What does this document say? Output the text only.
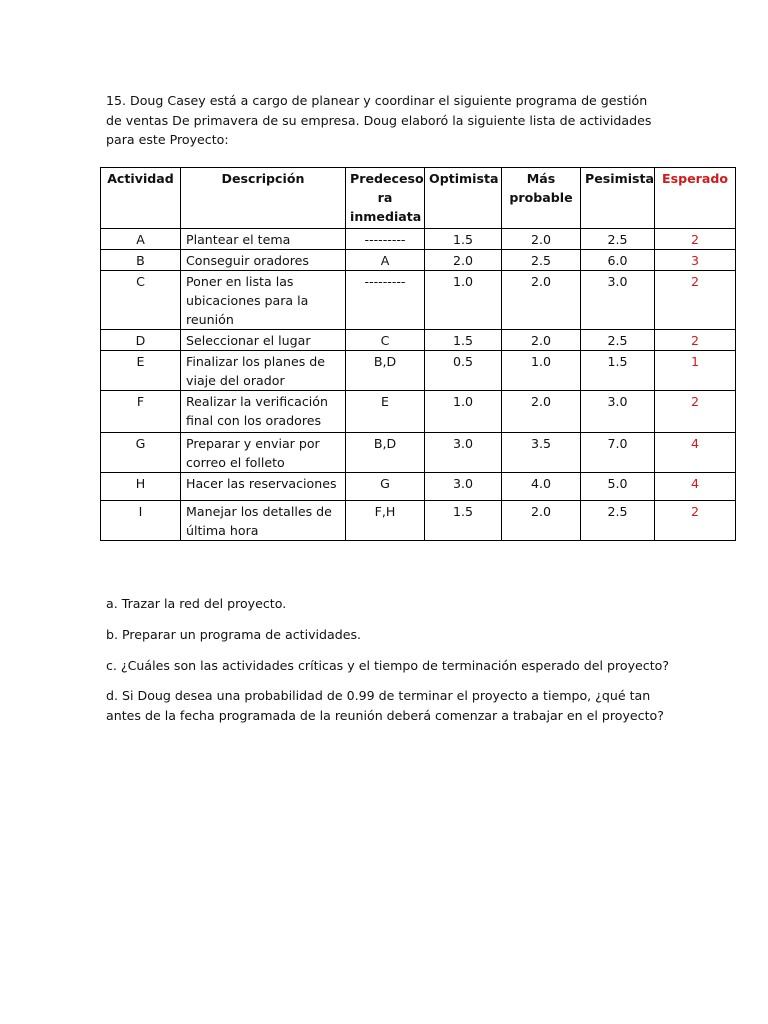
15. Doug Casey está a cargo de planear y coordinar el siguiente programa de gestión de ventas De primavera de su empresa. Doug elaboró la siguiente lista de actividades para este Proyecto:

Actividad	Descripción	Predeceso ra inmediata	Optimista	Más probable	Pesimista	Esperado
A	Plantear el tema	---------	1.5	2.0	2.5	2
B	Conseguir oradores	A	2.0	2.5	6.0	3
C	Poner en lista las ubicaciones para la reunión	---------	1.0	2.0	3.0	2
D	Seleccionar el lugar	C	1.5	2.0	2.5	2
E	Finalizar los planes de viaje del orador	B,D	0.5	1.0	1.5	1
F	Realizar la verificación final con los oradores	E	1.0	2.0	3.0	2
G	Preparar y enviar por correo el folleto	B,D	3.0	3.5	7.0	4
H	Hacer las reservaciones	G	3.0	4.0	5.0	4
I	Manejar los detalles de última hora	F,H	1.5	2.0	2.5	2

a. Trazar la red del proyecto.

b. Preparar un programa de actividades.

c. ¿Cuáles son las actividades críticas y el tiempo de terminación esperado del proyecto?

d. Si Doug desea una probabilidad de 0.99 de terminar el proyecto a tiempo, ¿qué tan antes de la fecha programada de la reunión deberá comenzar a trabajar en el proyecto?
